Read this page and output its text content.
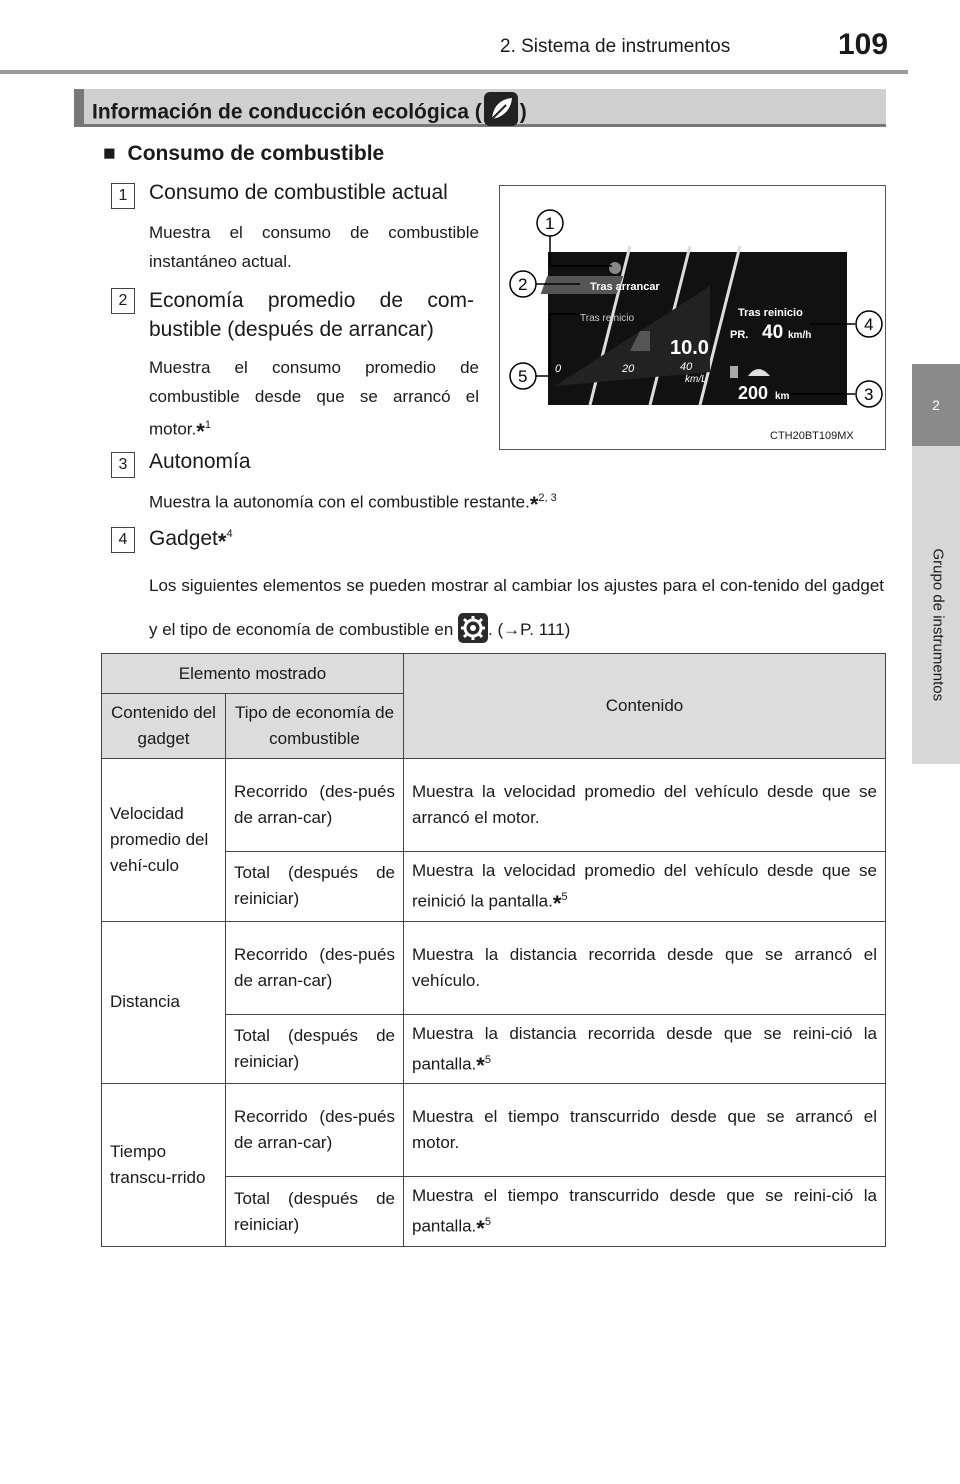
2. Sistema de instrumentos	109
2
Grupo de instrumentos
Información de conducción ecológica ( )
■ Consumo de combustible
1	Consumo de combustible actual
Muestra el consumo de combustible instantáneo actual.
2	Economía promedio de com-bustible (después de arrancar)
Muestra el consumo promedio de combustible desde que se arrancó el motor.*$^1$
Tras arrancar
Tras reinicio
10.0
km/L
0	20	40
Tras reinicio
PR. 40 km/h
200 km
1
2
4
5
3
CTH20BT109MX
3	Autonomía
Muestra la autonomía con el combustible restante.*$^{2, 3}$
4	Gadget*$^4$
Los siguientes elementos se pueden mostrar al cambiar los ajustes para el con-tenido del gadget y el tipo de economía de combustible en . (→P. 111)
Elemento mostrado		Contenido
Contenido del gadget	Tipo de economía de combustible	
Velocidad promedio del vehí-culo	Recorrido (des-pués de arran-car)	Muestra la velocidad promedio del vehículo desde que se arrancó el motor.
	Total (después de reiniciar)	Muestra la velocidad promedio del vehículo desde que se reinició la pantalla.*$^5$
Distancia	Recorrido (des-pués de arran-car)	Muestra la distancia recorrida desde que se arrancó el vehículo.
	Total (después de reiniciar)	Muestra la distancia recorrida desde que se reini-ció la pantalla.*$^5$
Tiempo transcu-rrido	Recorrido (des-pués de arran-car)	Muestra el tiempo transcurrido desde que se arrancó el motor.
	Total (después de reiniciar)	Muestra el tiempo transcurrido desde que se reini-ció la pantalla.*$^5$
